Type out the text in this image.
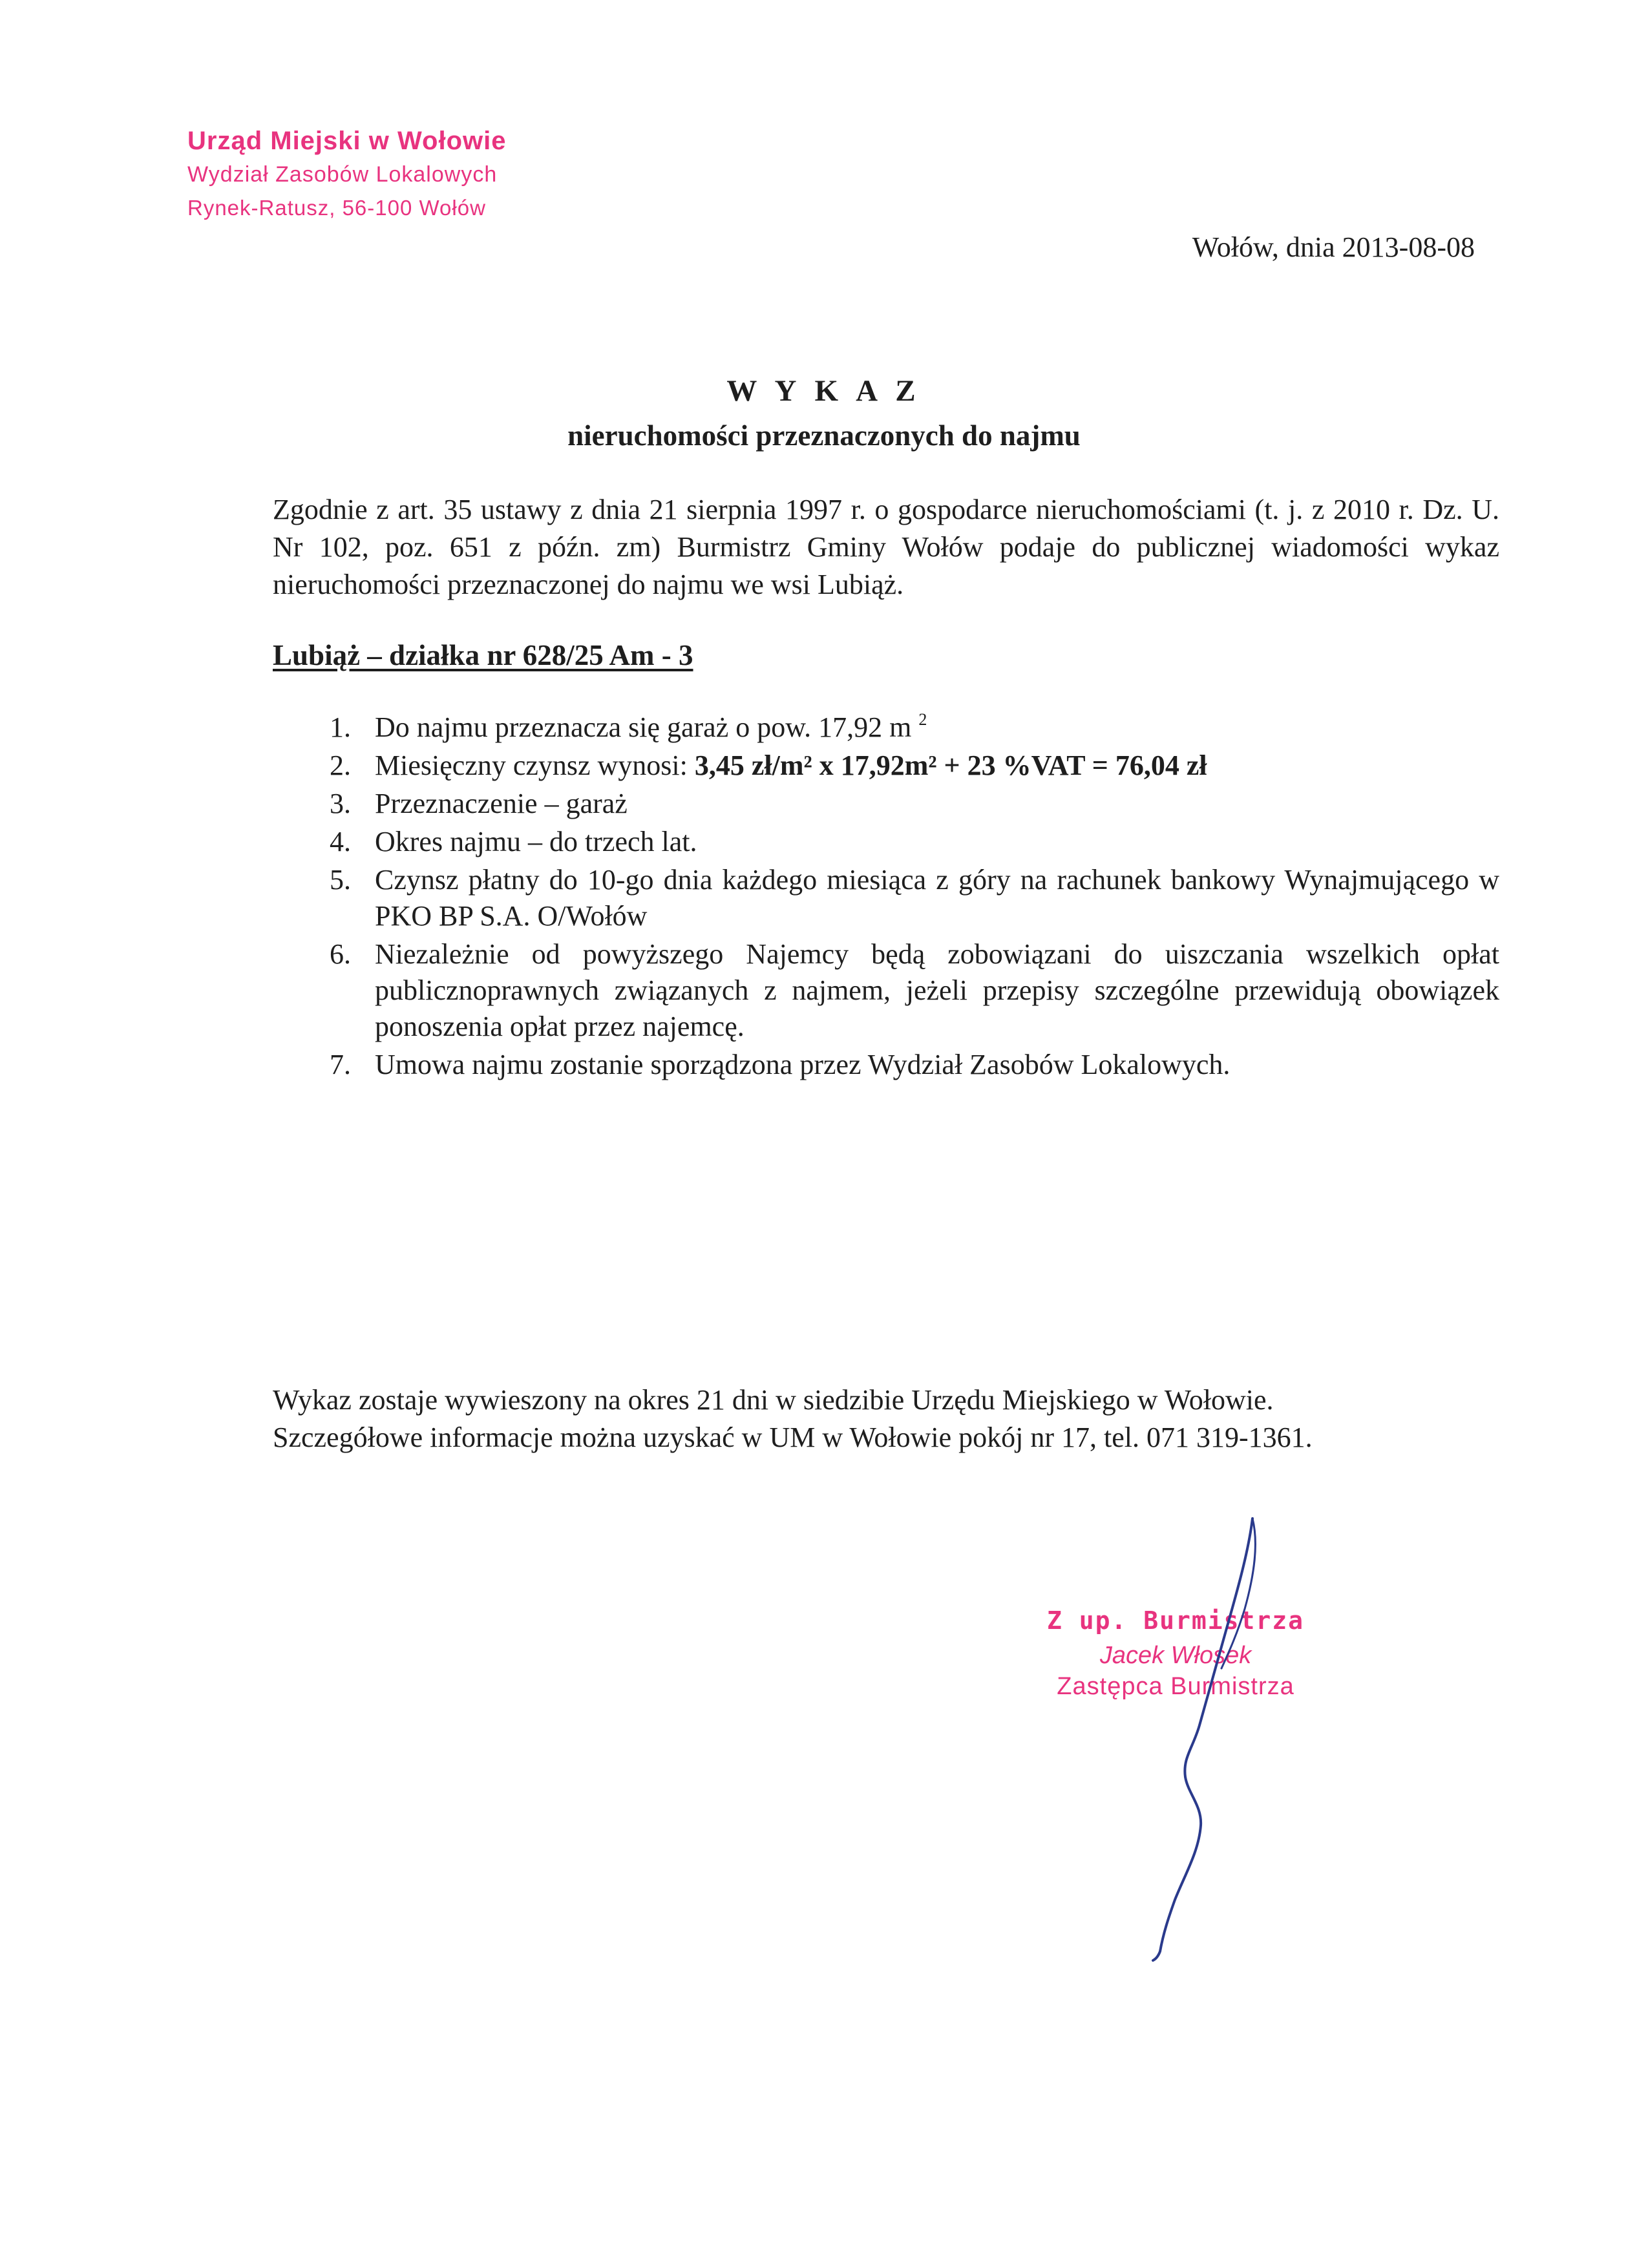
Urząd Miejski w Wołowie
Wydział Zasobów Lokalowych
Rynek-Ratusz, 56-100 Wołów
Wołów, dnia 2013-08-08
W Y K A Z
nieruchomości przeznaczonych do najmu
Zgodnie z art. 35 ustawy z dnia 21 sierpnia 1997 r. o gospodarce nieruchomościami (t. j. z 2010 r. Dz. U. Nr 102, poz. 651 z późn. zm) Burmistrz Gminy Wołów podaje do publicznej wiadomości wykaz nieruchomości przeznaczonej do najmu we wsi Lubiąż.
Lubiąż – działka nr 628/25 Am - 3
1. Do najmu przeznacza się garaż o pow. 17,92 m $^2$
2. Miesięczny czynsz wynosi: 3,45 zł/m² x 17,92m² + 23 %VAT = 76,04 zł
3. Przeznaczenie – garaż
4. Okres najmu – do trzech lat.
5. Czynsz płatny do 10-go dnia każdego miesiąca z góry na rachunek bankowy Wynajmującego w PKO BP S.A. O/Wołów
6. Niezależnie od powyższego Najemcy będą zobowiązani do uiszczania wszelkich opłat publicznoprawnych związanych z najmem, jeżeli przepisy szczególne przewidują obowiązek ponoszenia opłat przez najemcę.
7. Umowa najmu zostanie sporządzona przez Wydział Zasobów Lokalowych.
Wykaz zostaje wywieszony na okres 21 dni w siedzibie Urzędu Miejskiego w Wołowie.
Szczegółowe informacje można uzyskać w UM w Wołowie pokój nr 17, tel. 071 319-1361.
Z up. Burmistrza
Jacek Włosek
Zastępca Burmistrza
